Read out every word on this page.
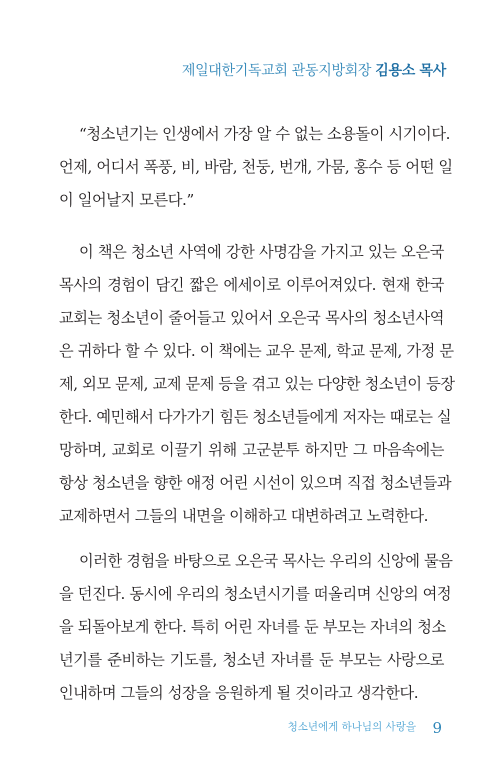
제일대한기독교회 관동지방회장 김용소 목사
“청소년기는 인생에서 가장 알 수 없는 소용돌이 시기이다.
언제, 어디서 폭풍, 비, 바람, 천둥, 번개, 가뭄, 홍수 등 어떤 일
이 일어날지 모른다.”
이 책은 청소년 사역에 강한 사명감을 가지고 있는 오은국
목사의 경험이 담긴 짧은 에세이로 이루어져있다. 현재 한국
교회는 청소년이 줄어들고 있어서 오은국 목사의 청소년사역
은 귀하다 할 수 있다. 이 책에는 교우 문제, 학교 문제, 가정 문
제, 외모 문제, 교제 문제 등을 겪고 있는 다양한 청소년이 등장
한다. 예민해서 다가가기 힘든 청소년들에게 저자는 때로는 실
망하며, 교회로 이끌기 위해 고군분투 하지만 그 마음속에는
항상 청소년을 향한 애정 어린 시선이 있으며 직접 청소년들과
교제하면서 그들의 내면을 이해하고 대변하려고 노력한다.
이러한 경험을 바탕으로 오은국 목사는 우리의 신앙에 물음
을 던진다. 동시에 우리의 청소년시기를 떠올리며 신앙의 여정
을 되돌아보게 한다. 특히 어린 자녀를 둔 부모는 자녀의 청소
년기를 준비하는 기도를, 청소년 자녀를 둔 부모는 사랑으로
인내하며 그들의 성장을 응원하게 될 것이라고 생각한다.
청소년에게 하나님의 사랑을 9
